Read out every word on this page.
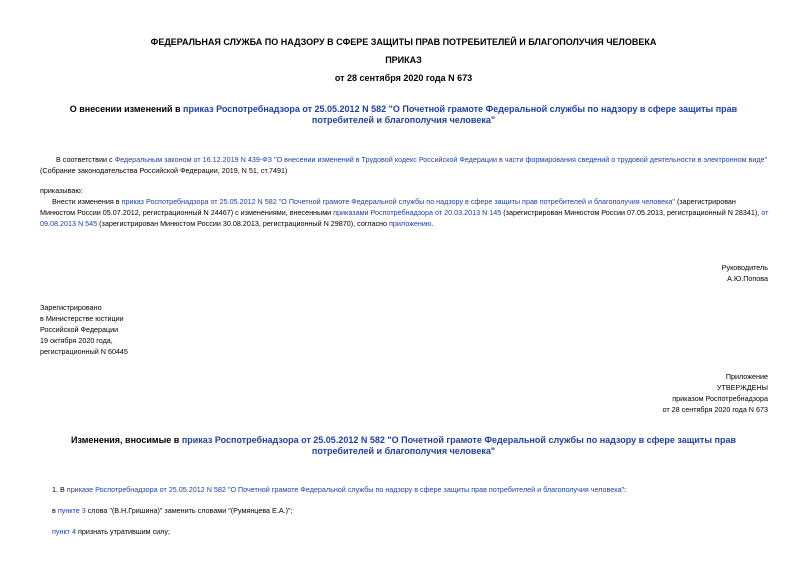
ФЕДЕРАЛЬНАЯ СЛУЖБА ПО НАДЗОРУ В СФЕРЕ ЗАЩИТЫ ПРАВ ПОТРЕБИТЕЛЕЙ И БЛАГОПОЛУЧИЯ ЧЕЛОВЕКА
ПРИКАЗ
от 28 сентября 2020 года N 673
О внесении изменений в приказ Роспотребнадзора от 25.05.2012 N 582 "О Почетной грамоте Федеральной службы по надзору в сфере защиты прав потребителей и благополучия человека"
В соответствии с Федеральным законом от 16.12.2019 N 439-ФЗ "О внесении изменений в Трудовой кодекс Российской Федерации в части формирования сведений о трудовой деятельности в электронном виде"
(Собрание законодательства Российской Федерации, 2019, N 51, ст.7491)
приказываю:
Внести изменения в приказ Роспотребнадзора от 25.05.2012 N 582 "О Почетной грамоте Федеральной службы по надзору в сфере защиты прав потребителей и благополучия человека" (зарегистрирован
Минюстом России 05.07.2012, регистрационный N 24467) с изменениями, внесенными приказами Роспотребнадзора от 20.03.2013 N 145 (зарегистрирован Минюстом России 07.05.2013, регистрационный N 28341), от
09.08.2013 N 545 (зарегистрирован Минюстом России 30.08.2013, регистрационный N 29870), согласно приложению.
Руководитель
А.Ю.Попова
Зарегистрировано
в Министерстве юстиции
Российской Федерации
19 октября 2020 года,
регистрационный N 60445
Приложение
УТВЕРЖДЕНЫ
приказом Роспотребнадзора
от 28 сентября 2020 года N 673
Изменения, вносимые в приказ Роспотребнадзора от 25.05.2012 N 582 "О Почетной грамоте Федеральной службы по надзору в сфере защиты прав потребителей и благополучия человека"
1. В приказе Роспотребнадзора от 25.05.2012 N 582 "О Почетной грамоте Федеральной службы по надзору в сфере защиты прав потребителей и благополучия человека":
в пункте 3 слова "(В.Н.Гришина)" заменить словами "(Румянцева Е.А.)";
пункт 4 признать утратившим силу;
